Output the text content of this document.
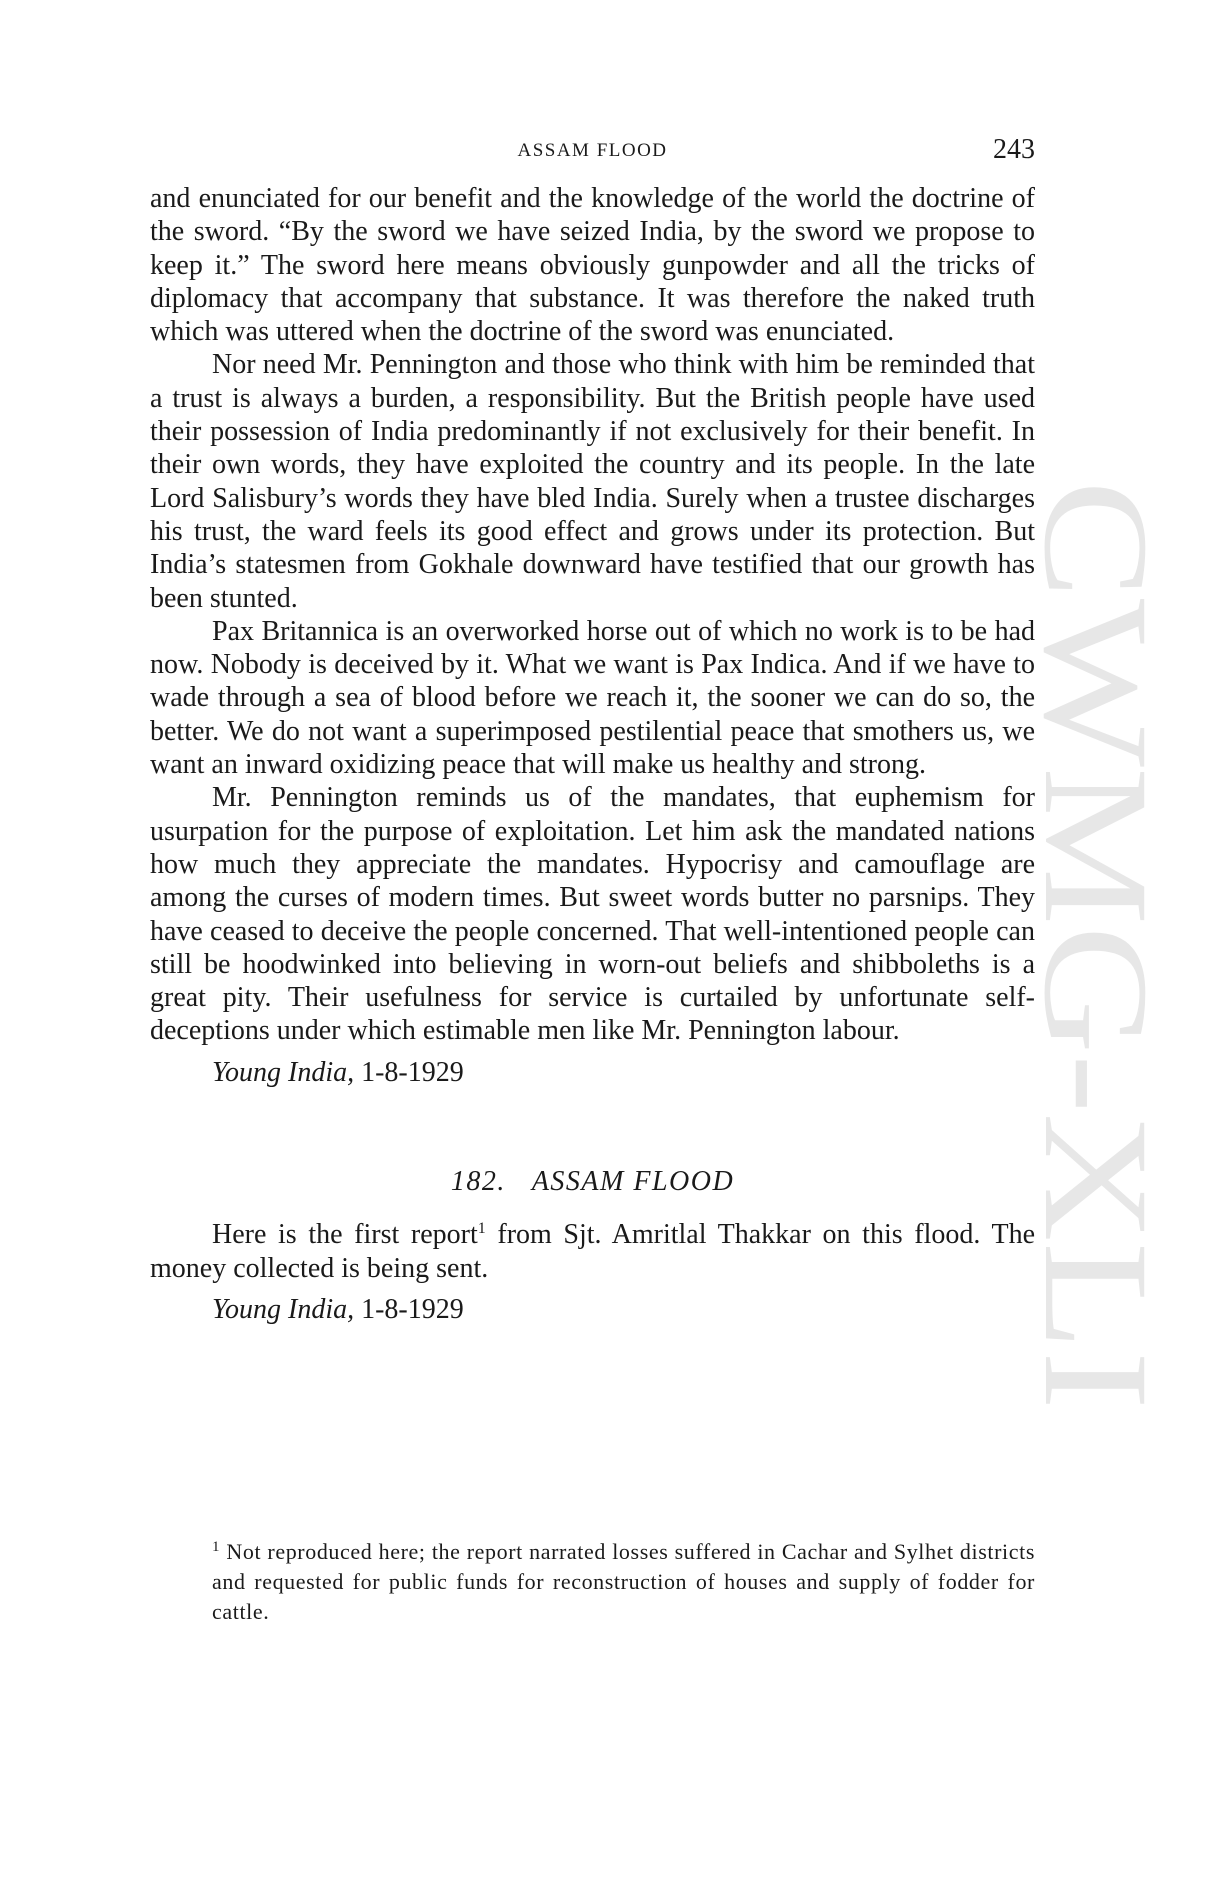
ASSAM FLOOD	243

and enunciated for our benefit and the knowledge of the world the doctrine of the sword. “By the sword we have seized India, by the sword we propose to keep it.” The sword here means obviously gunpowder and all the tricks of diplomacy that accompany that substance. It was therefore the naked truth which was uttered when the doctrine of the sword was enunciated.

Nor need Mr. Pennington and those who think with him be reminded that a trust is always a burden, a responsibility. But the British people have used their possession of India predominantly if not exclusively for their benefit. In their own words, they have exploited the country and its people. In the late Lord Salisbury’s words they have bled India. Surely when a trustee discharges his trust, the ward feels its good effect and grows under its protection. But India’s statesmen from Gokhale downward have testified that our growth has been stunted.

Pax Britannica is an overworked horse out of which no work is to be had now. Nobody is deceived by it. What we want is Pax Indica. And if we have to wade through a sea of blood before we reach it, the sooner we can do so, the better. We do not want a superimposed pestilential peace that smothers us, we want an inward oxidizing peace that will make us healthy and strong.

Mr. Pennington reminds us of the mandates, that euphemism for usurpation for the purpose of exploitation. Let him ask the mandated nations how much they appreciate the mandates. Hypocrisy and camouflage are among the curses of modern times. But sweet words butter no parsnips. They have ceased to deceive the people concerned. That well-intentioned people can still be hoodwinked into believing in worn-out beliefs and shibboleths is a great pity. Their usefulness for service is curtailed by unfortunate self-deceptions under which estimable men like Mr. Pennington labour.

Young India, 1-8-1929
182. ASSAM FLOOD

Here is the first report$^1$ from Sjt. Amritlal Thakkar on this flood. The money collected is being sent.

Young India, 1-8-1929
$^1$ Not reproduced here; the report narrated losses suffered in Cachar and Sylhet districts and requested for public funds for reconstruction of houses and supply of fodder for cattle.
CWMG-XLI
